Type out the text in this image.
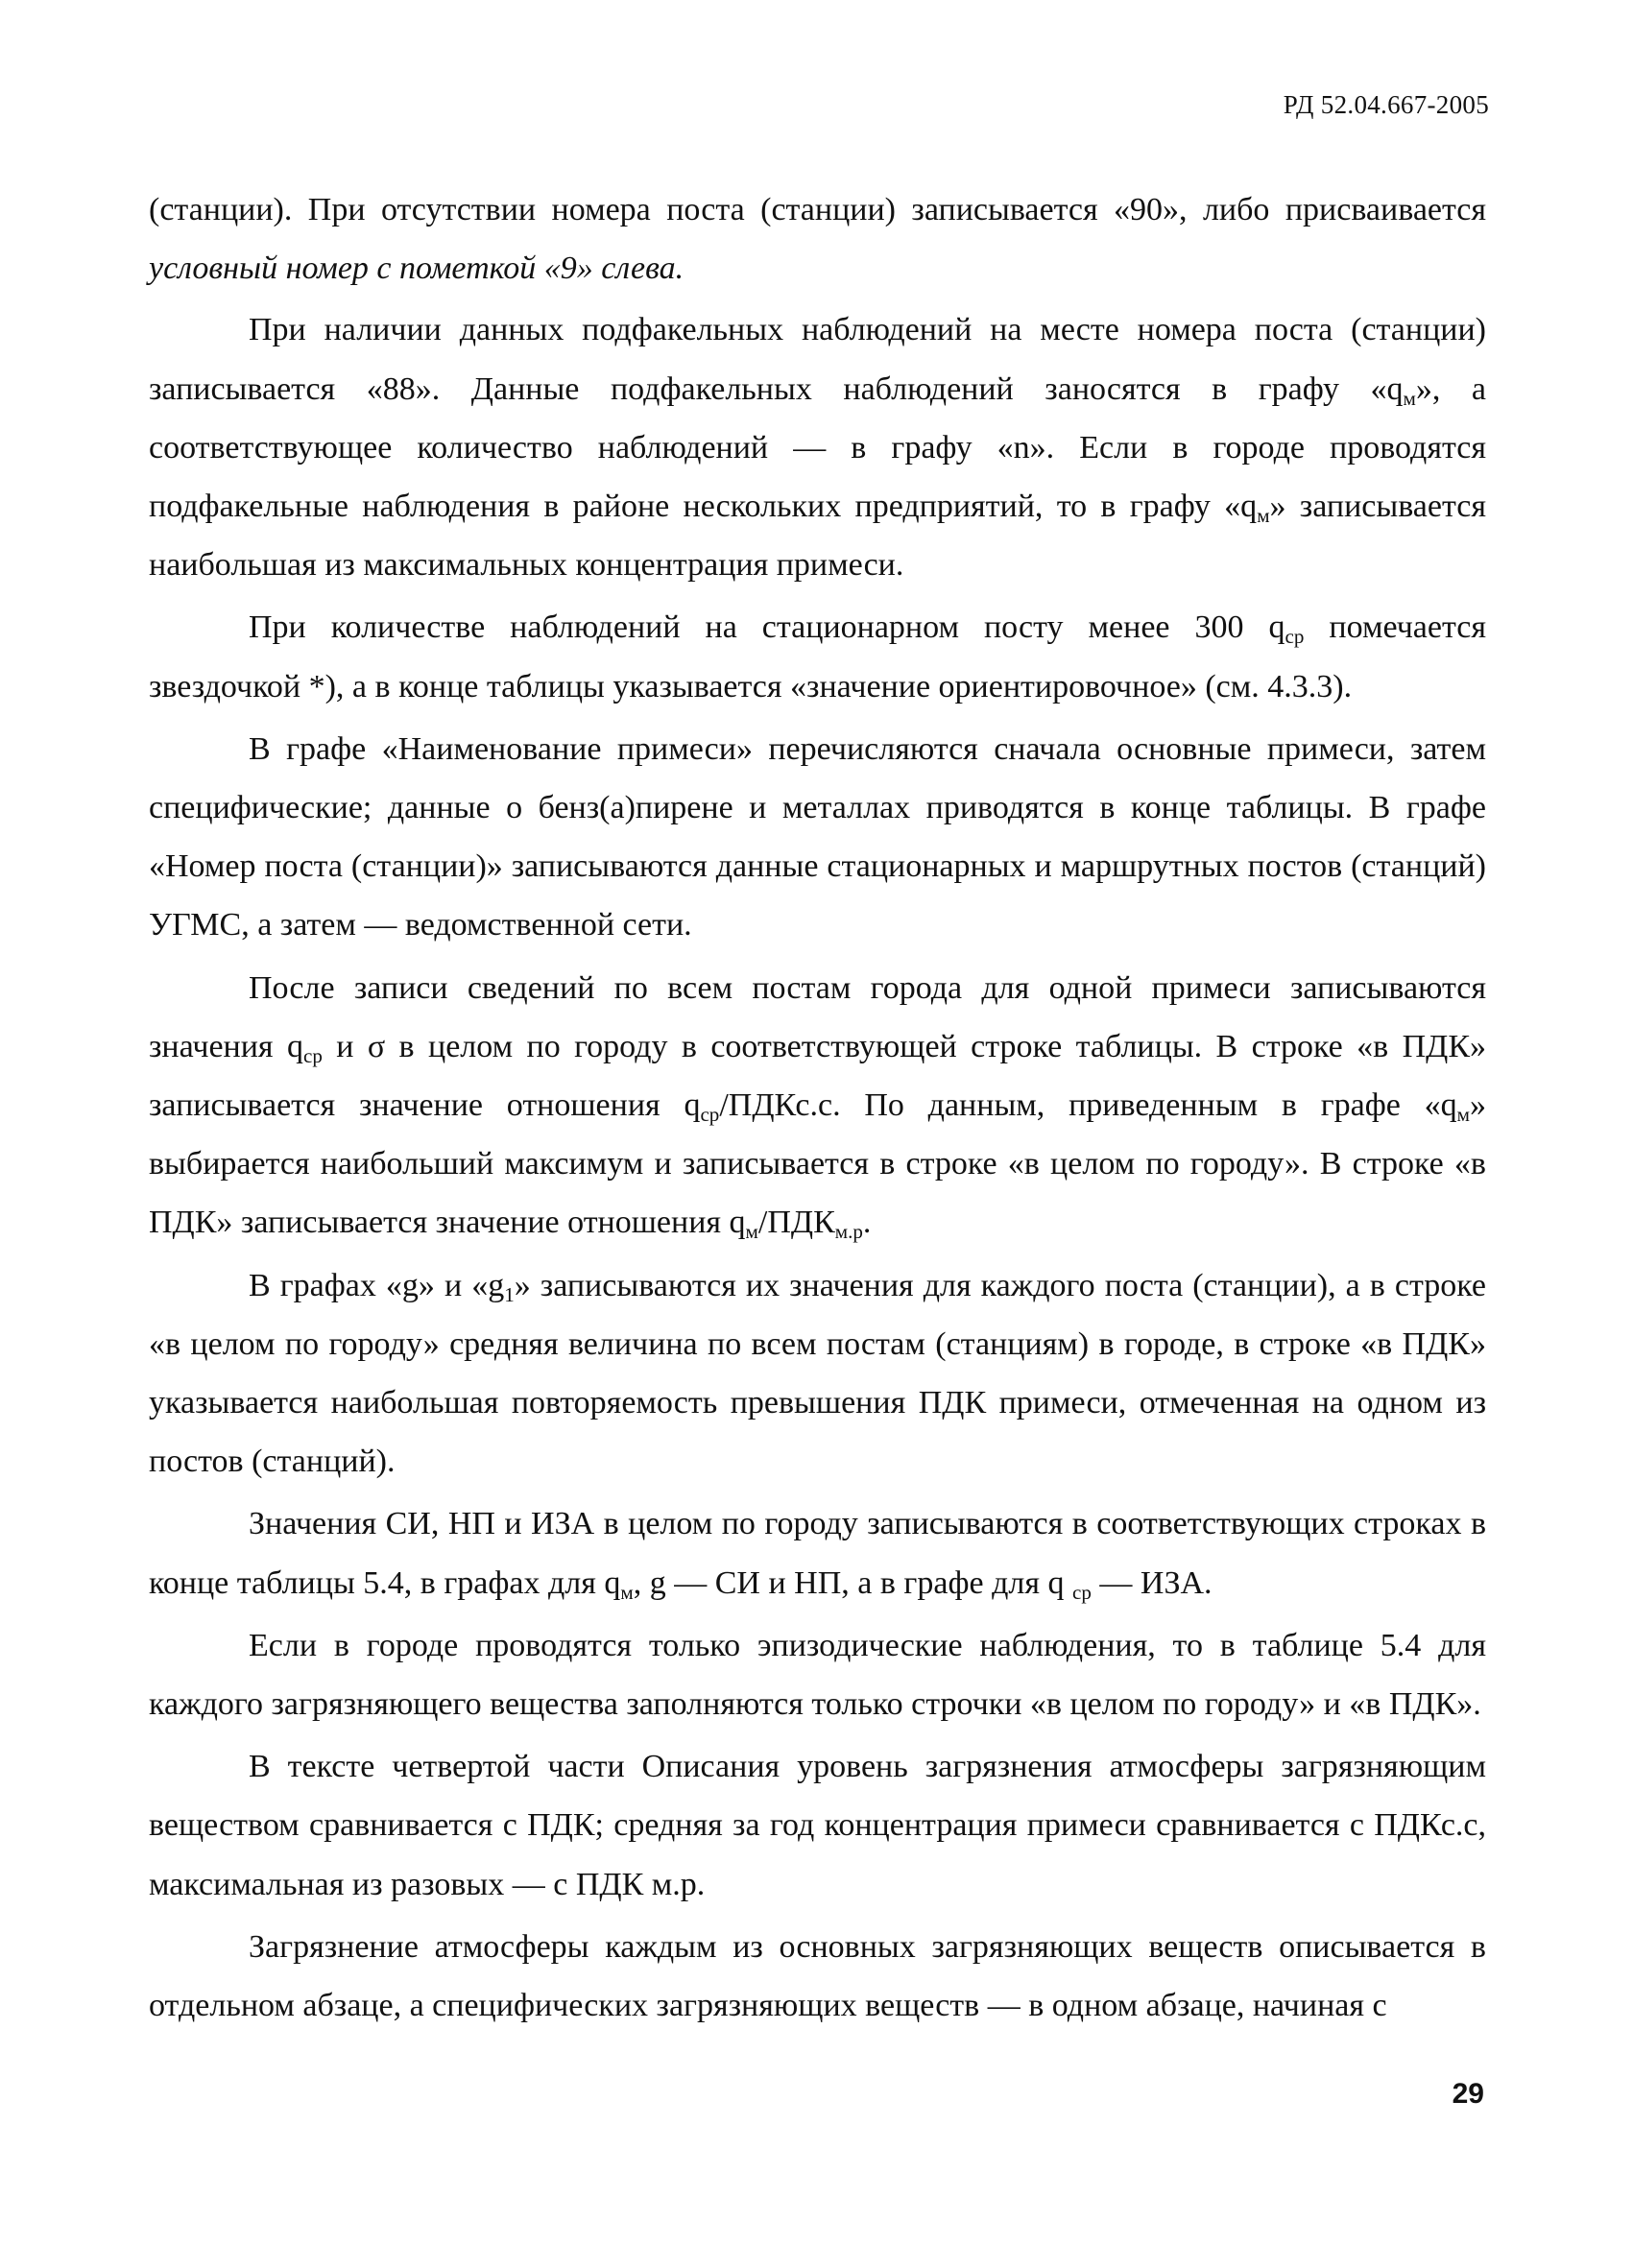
РД 52.04.667-2005

(станции). При отсутствии номера поста (станции) записывается «90», либо присваивается условный номер с пометкой «9» слева.

При наличии данных подфакельных наблюдений на месте номера поста (станции) записывается «88». Данные подфакельных наблюдений заносятся в графу «$q_м$», а соответствующее количество наблюдений — в графу «n». Если в городе проводятся подфакельные наблюдения в районе нескольких предприятий, то в графу «$q_м$» записывается наибольшая из максимальных концентрация примеси.

При количестве наблюдений на стационарном посту менее 300 $q_{ср}$ помечается звездочкой *), а в конце таблицы указывается «значение ориентировочное» (см. 4.3.3).

В графе «Наименование примеси» перечисляются сначала основные примеси, затем специфические; данные о бенз(а)пирене и металлах приводятся в конце таблицы. В графе «Номер поста (станции)» записываются данные стационарных и маршрутных постов (станций) УГМС, а затем — ведомственной сети.

После записи сведений по всем постам города для одной примеси записываются значения $q_{ср}$ и σ в целом по городу в соответствующей строке таблицы. В строке «в ПДК» записывается значение отношения $q_{ср}/ПДКс.с$. По данным, приведенным в графе «$q_м$» выбирается наибольший максимум и записывается в строке «в целом по городу». В строке «в ПДК» записывается значение отношения $q_м/ПДК_{м.р}$.

В графах «g» и «$g_1$» записываются их значения для каждого поста (станции), а в строке «в целом по городу» средняя величина по всем постам (станциям) в городе, в строке «в ПДК» указывается наибольшая повторяемость превышения ПДК примеси, отмеченная на одном из постов (станций).

Значения СИ, НП и ИЗА в целом по городу записываются в соответствующих строках в конце таблицы 5.4, в графах для $q_м$, g — СИ и НП, а в графе для q $_{ср}$ — ИЗА.

Если в городе проводятся только эпизодические наблюдения, то в таблице 5.4 для каждого загрязняющего вещества заполняются только строчки «в целом по городу» и «в ПДК».

В тексте четвертой части Описания уровень загрязнения атмосферы загрязняющим веществом сравнивается с ПДК; средняя за год концентрация примеси сравнивается с ПДКс.с, максимальная из разовых — с ПДК м.р.

Загрязнение атмосферы каждым из основных загрязняющих веществ описывается в отдельном абзаце, а специфических загрязняющих веществ — в одном абзаце, начиная с

29
